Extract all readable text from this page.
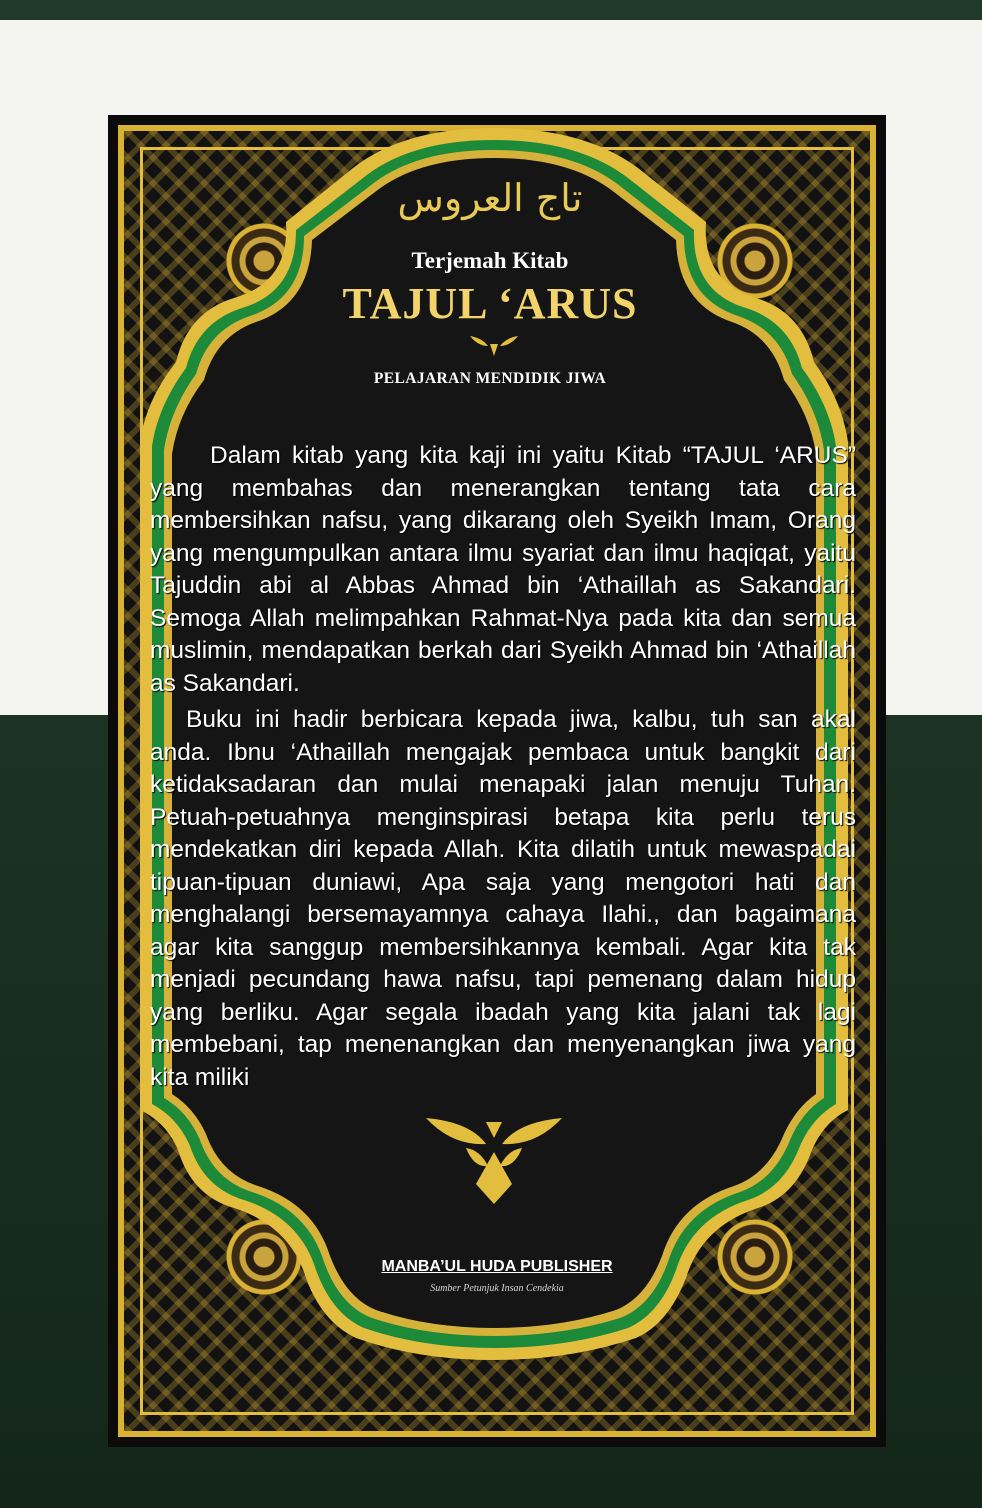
تاج العروس
Terjemah Kitab
TAJUL ‘ARUS
PELAJARAN MENDIDIK JIWA
Dalam kitab yang kita kaji ini yaitu Kitab “TAJUL ‘ARUS” yang membahas dan menerangkan tentang tata cara membersihkan nafsu, yang dikarang oleh Syeikh Imam, Orang yang mengumpulkan antara ilmu syariat dan ilmu haqiqat, yaitu Tajuddin abi al Abbas Ahmad bin ‘Athaillah as Sakandari. Semoga Allah melimpahkan Rahmat-Nya pada kita dan semua muslimin, mendapatkan berkah dari Syeikh Ahmad bin ‘Athaillah as Sakandari.
Buku ini hadir berbicara kepada jiwa, kalbu, tuh san akal anda. Ibnu ‘Athaillah mengajak pembaca untuk bangkit dari ketidaksadaran dan mulai menapaki jalan menuju Tuhan. Petuah-petuahnya menginspirasi betapa kita perlu terus mendekatkan diri kepada Allah. Kita dilatih untuk mewaspadai tipuan-tipuan duniawi, Apa saja yang mengotori hati dan menghalangi bersemayamnya cahaya Ilahi., dan bagaimana agar kita sanggup membersihkannya kembali. Agar kita tak menjadi pecundang hawa nafsu, tapi pemenang dalam hidup yang berliku. Agar segala ibadah yang kita jalani tak lagi membebani, tap menenangkan dan menyenangkan jiwa yang kita miliki
MANBA’UL HUDA PUBLISHER
Sumber Petunjuk Insan Cendekia
